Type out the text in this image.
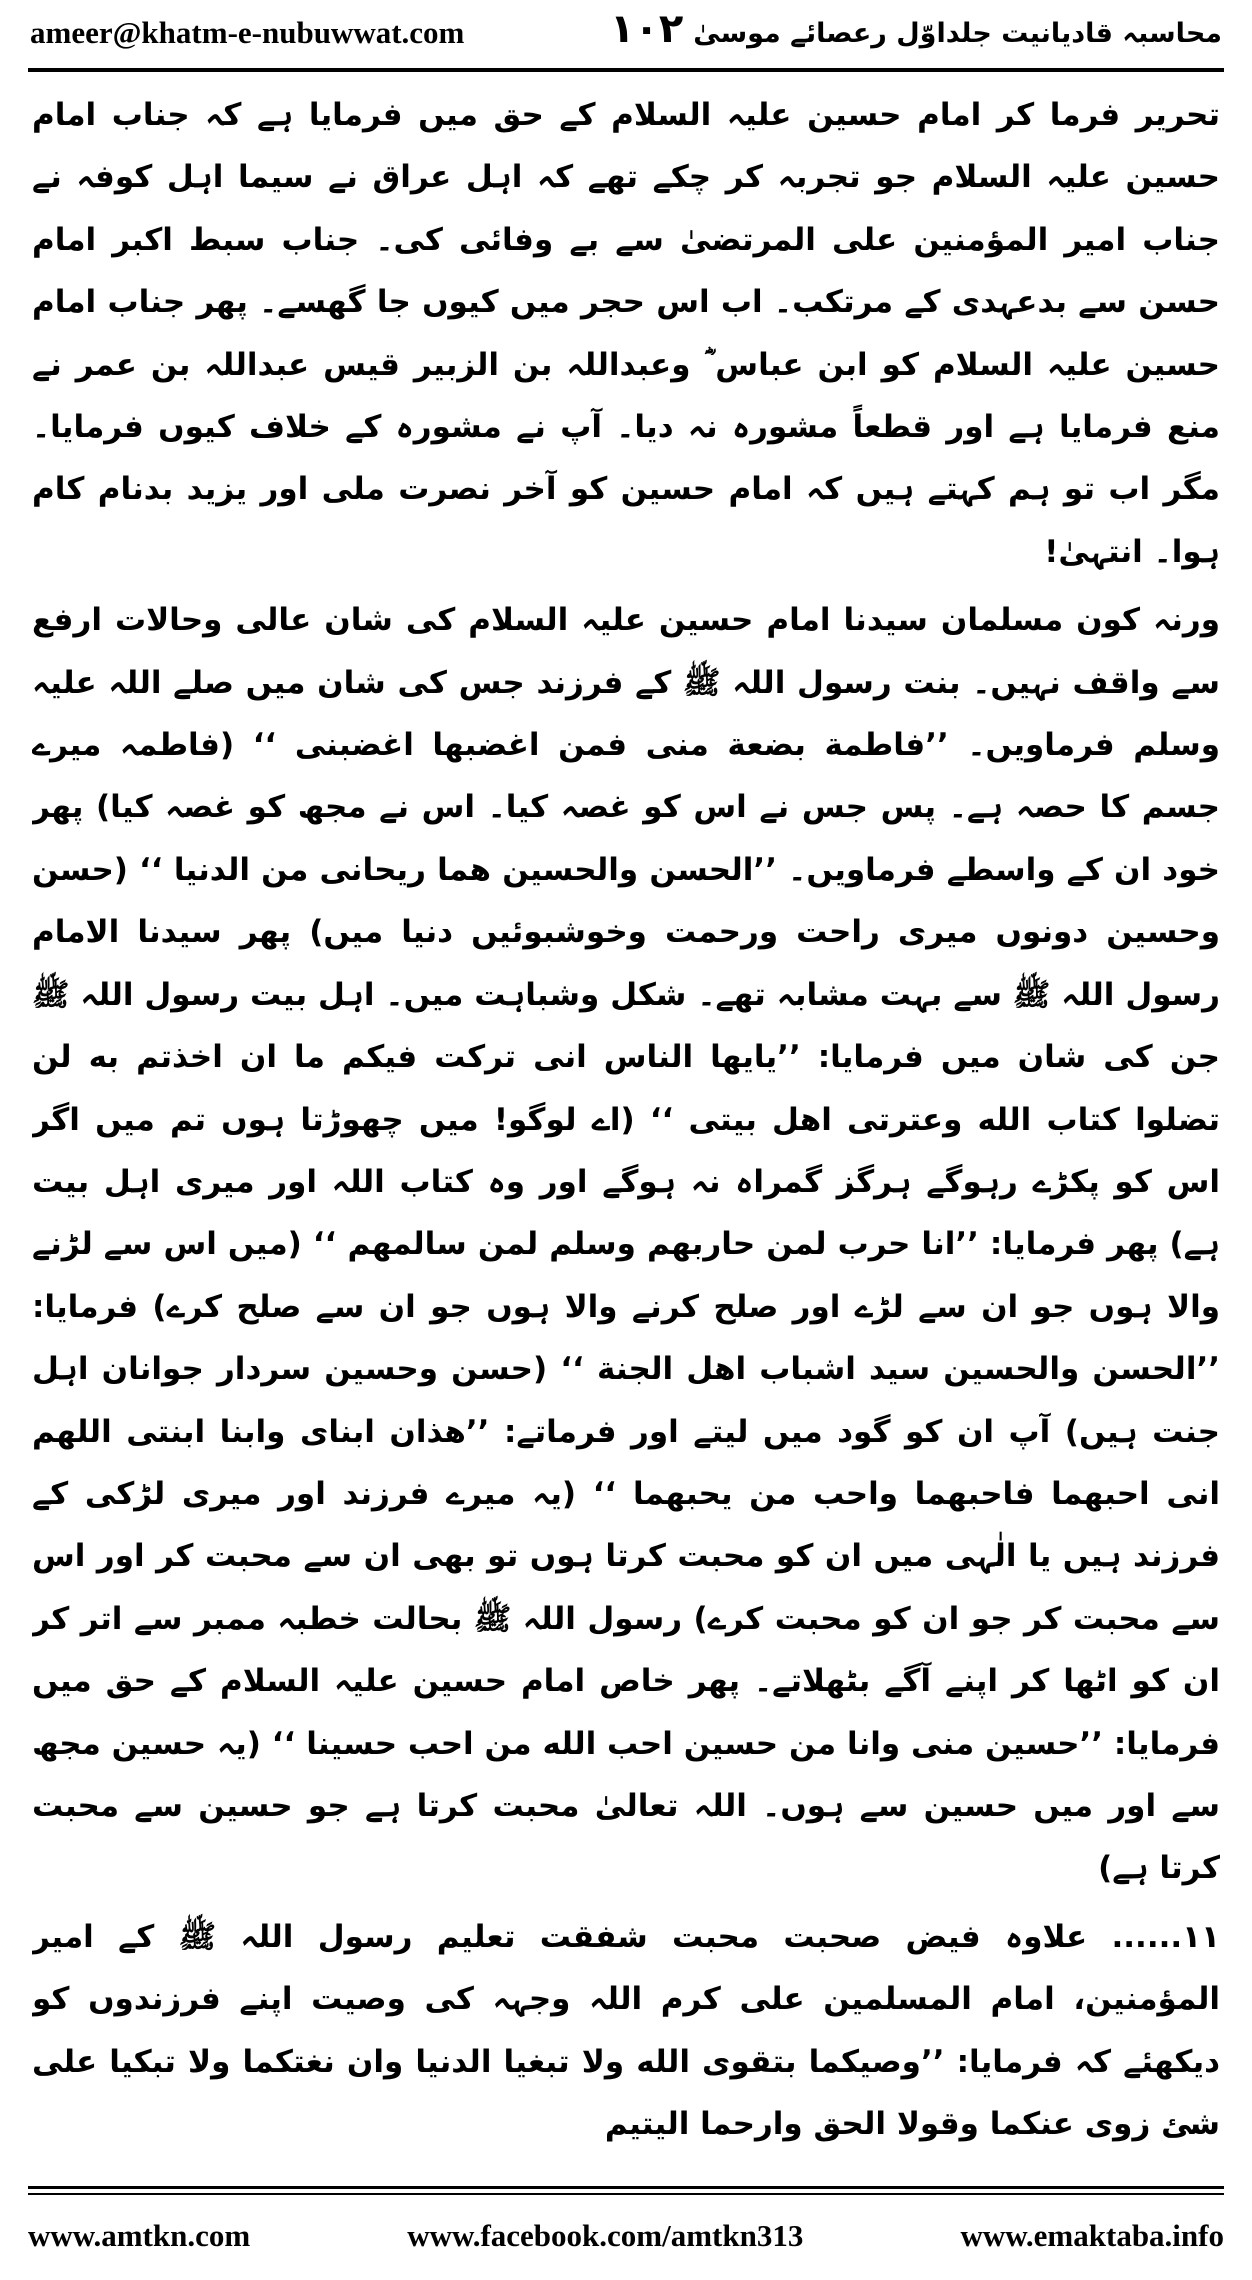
ameer@khatm-e-nubuwwat.com	۱۰۲ محاسبہ قادیانیت جلداوّل رعصائے موسیٰ

تحریر فرما کر امام حسین علیہ السلام کے حق میں فرمایا ہے کہ جناب امام حسین علیہ السلام جو تجربہ کر چکے تھے کہ اہل عراق نے سیما اہل کوفہ نے جناب امیر المؤمنین علی المرتضیٰ سے بے وفائی کی۔ جناب سبط اکبر امام حسن سے بدعہدی کے مرتکب۔ اب اس حجر میں کیوں جا گھسے۔ پھر جناب امام حسین علیہ السلام کو ابن عباس ؓ وعبداللہ بن الزبیر قیس عبداللہ بن عمر نے منع فرمایا ہے اور قطعاً مشورہ نہ دیا۔ آپ نے مشورہ کے خلاف کیوں فرمایا۔ مگر اب تو ہم کہتے ہیں کہ امام حسین کو آخر نصرت ملی اور یزید بدنام کام ہوا۔ انتہیٰ!

ورنہ کون مسلمان سیدنا امام حسین علیہ السلام کی شان عالی وحالات ارفع سے واقف نہیں۔ بنت رسول اللہ ﷺ کے فرزند جس کی شان میں صلے اللہ علیہ وسلم فرماویں۔ ’’فاطمة بضعة منی فمن اغضبها اغضبنی ‘‘ (فاطمہ میرے جسم کا حصہ ہے۔ پس جس نے اس کو غصہ کیا۔ اس نے مجھ کو غصہ کیا) پھر خود ان کے واسطے فرماویں۔ ’’الحسن والحسین هما ریحانی من الدنیا ‘‘ (حسن وحسین دونوں میری راحت ورحمت وخوشبوئیں دنیا میں) پھر سیدنا الامام رسول اللہ ﷺ سے بہت مشابہ تھے۔ شکل وشباہت میں۔ اہل بیت رسول اللہ ﷺ جن کی شان میں فرمایا: ’’یایها الناس انی ترکت فیکم ما ان اخذتم به لن تضلوا کتاب الله وعترتی اهل بیتی ‘‘ (اے لوگو! میں چھوڑتا ہوں تم میں اگر اس کو پکڑے رہوگے ہرگز گمراہ نہ ہوگے اور وہ کتاب اللہ اور میری اہل بیت ہے) پھر فرمایا: ’’انا حرب لمن حاربهم وسلم لمن سالمهم ‘‘ (میں اس سے لڑنے والا ہوں جو ان سے لڑے اور صلح کرنے والا ہوں جو ان سے صلح کرے) فرمایا: ’’الحسن والحسین سید اشباب اهل الجنة ‘‘ (حسن وحسین سردار جوانان اہل جنت ہیں) آپ ان کو گود میں لیتے اور فرماتے: ’’هذان ابنای وابنا ابنتی اللهم انی احبهما فاحبهما واحب من یحبهما ‘‘ (یہ میرے فرزند اور میری لڑکی کے فرزند ہیں یا الٰہی میں ان کو محبت کرتا ہوں تو بھی ان سے محبت کر اور اس سے محبت کر جو ان کو محبت کرے) رسول اللہ ﷺ بحالت خطبہ ممبر سے اتر کر ان کو اٹھا کر اپنے آگے بٹھلاتے۔ پھر خاص امام حسین علیہ السلام کے حق میں فرمایا: ’’حسین منی وانا من حسین احب الله من احب حسینا ‘‘ (یہ حسین مجھ سے اور میں حسین سے ہوں۔ اللہ تعالیٰ محبت کرتا ہے جو حسین سے محبت کرتا ہے)

۱۱...... علاوہ فیض صحبت محبت شفقت تعلیم رسول اللہ ﷺ کے امیر المؤمنین، امام المسلمین علی کرم اللہ وجہہ کی وصیت اپنے فرزندوں کو دیکھئے کہ فرمایا: ’’وصیکما بتقوی الله ولا تبغیا الدنیا وان نغتکما ولا تبکیا علی شئ زوی عنکما وقولا الحق وارحما الیتیم

www.amtkn.com	www.facebook.com/amtkn313	www.emaktaba.info
